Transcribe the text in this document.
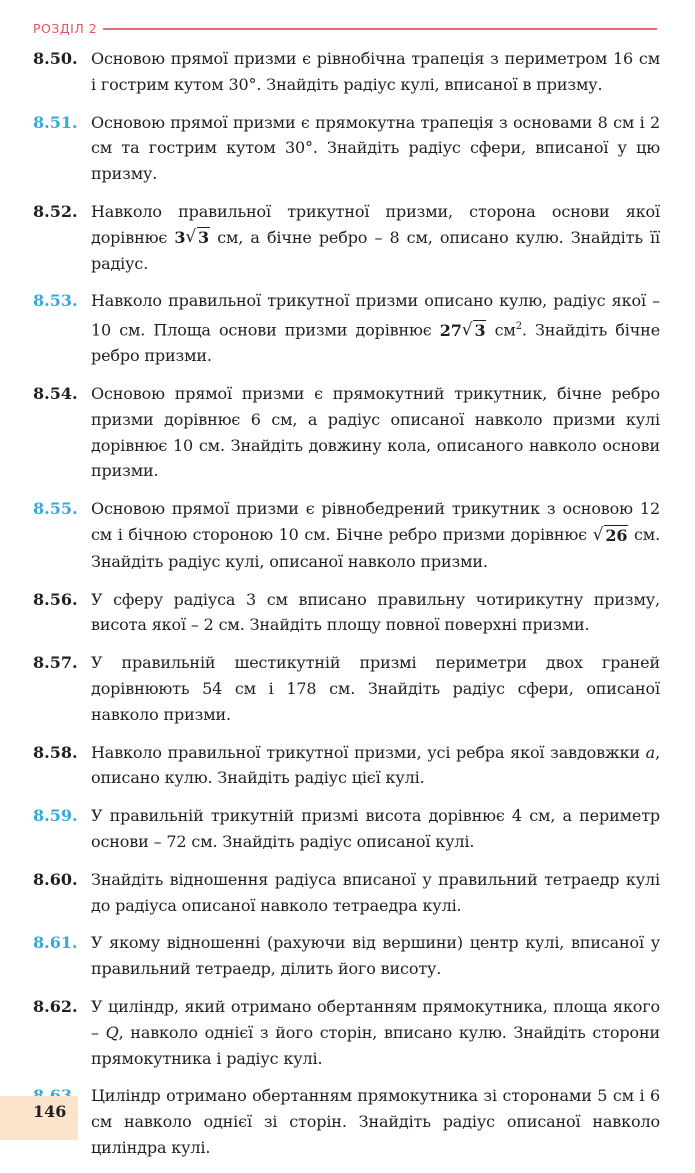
РОЗДІЛ 2
8.50. Основою прямої призми є рівнобічна трапеція з периметром 16 см і гострим кутом 30°. Знайдіть радіус кулі, вписаної в призму.
8.51. Основою прямої призми є прямокутна трапеція з основами 8 см і 2 см та гострим кутом 30°. Знайдіть радіус сфери, вписаної у цю призму.
8.52. Навколо правильної трикутної призми, сторона основи якої дорівнює 3 √ 3 см, а бічне ребро – 8 см, описано кулю. Знайдіть її радіус.
8.53. Навколо правильної трикутної призми описано кулю, радіус якої – 10 см. Площа основи призми дорівнює 27 √ 3 $см^2$. Знайдіть бічне ребро призми.
8.54. Основою прямої призми є прямокутний трикутник, бічне ребро призми дорівнює 6 см, а радіус описаної навколо призми кулі дорівнює 10 см. Знайдіть довжину кола, описаного навколо основи призми.
8.55. Основою прямої призми є рівнобедрений трикутник з основою 12 см і бічною стороною 10 см. Бічне ребро призми дорівнює √ 26 см. Знайдіть радіус кулі, описаної навколо призми.
8.56. У сферу радіуса 3 см вписано правильну чотирикутну призму, висота якої – 2 см. Знайдіть площу повної поверхні призми.
8.57. У правильній шестикутній призмі периметри двох граней дорівнюють 54 см і 178 см. Знайдіть радіус сфери, описаної навколо призми.
8.58. Навколо правильної трикутної призми, усі ребра якої завдовжки a, описано кулю. Знайдіть радіус цієї кулі.
8.59. У правильній трикутній призмі висота дорівнює 4 см, а периметр основи – 72 см. Знайдіть радіус описаної кулі.
8.60. Знайдіть відношення радіуса вписаної у правильний тетраедр кулі до радіуса описаної навколо тетраедра кулі.
8.61. У якому відношенні (рахуючи від вершини) центр кулі, вписаної у правильний тетраедр, ділить його висоту.
8.62. У циліндр, який отримано обертанням прямокутника, площа якого – Q, навколо однієї з його сторін, вписано кулю. Знайдіть сторони прямокутника і радіус кулі.
Циліндр отримано обертанням прямокутника зі сторонами 5 см і 6 см навколо однієї зі сторін. Знайдіть радіус описаної навколо циліндра кулі.
146
